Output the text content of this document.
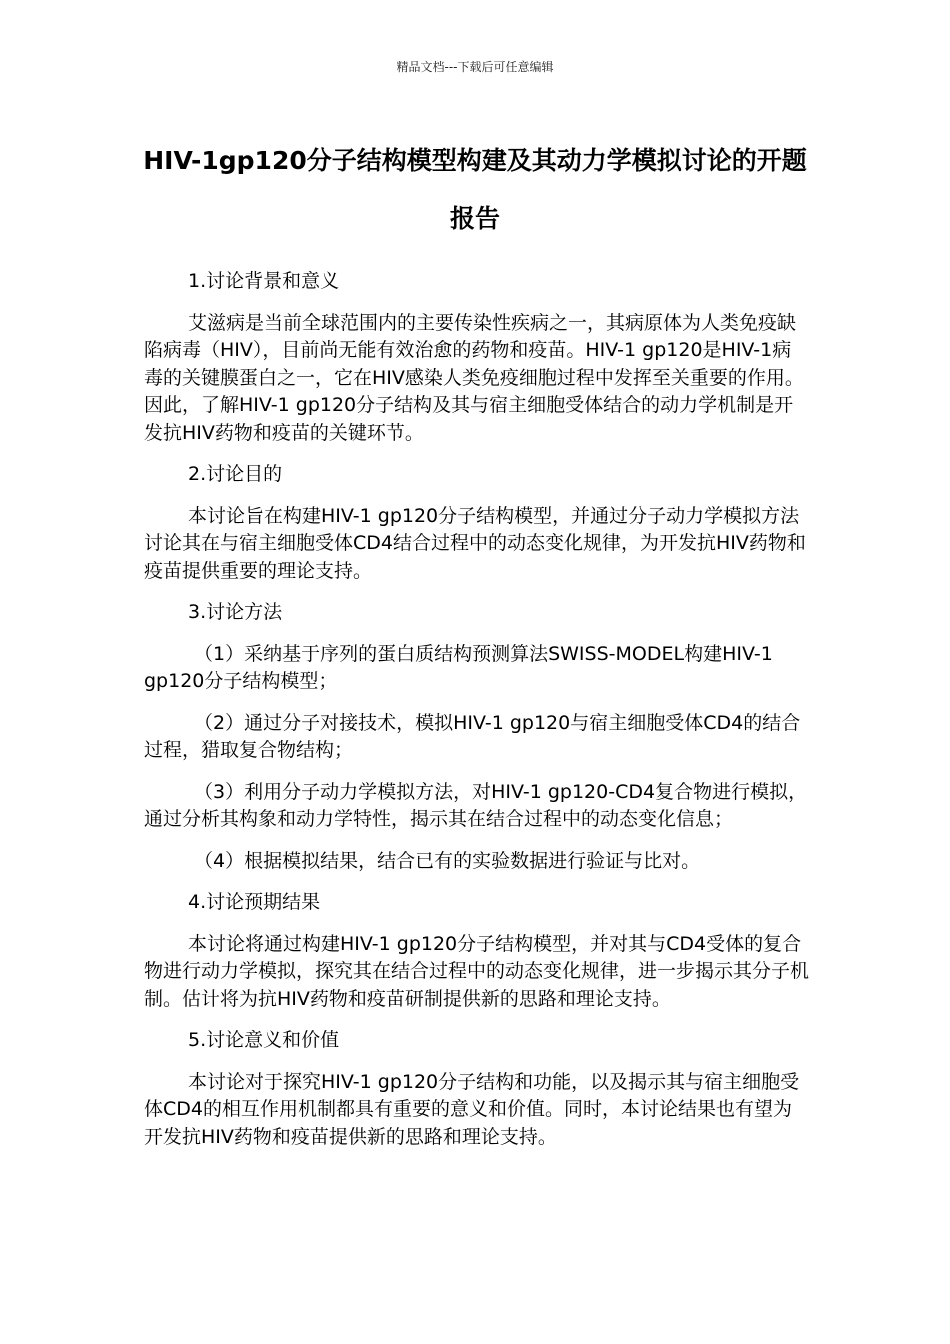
精品文档---下载后可任意编辑
HIV-1gp120分子结构模型构建及其动力学模拟讨论的开题报告

1.讨论背景和意义

艾滋病是当前全球范围内的主要传染性疾病之一，其病原体为人类免疫缺陷病毒（HIV），目前尚无能有效治愈的药物和疫苗。HIV-1 gp120是HIV-1病毒的关键膜蛋白之一，它在HIV感染人类免疫细胞过程中发挥至关重要的作用。因此，了解HIV-1 gp120分子结构及其与宿主细胞受体结合的动力学机制是开发抗HIV药物和疫苗的关键环节。

2.讨论目的

本讨论旨在构建HIV-1 gp120分子结构模型，并通过分子动力学模拟方法讨论其在与宿主细胞受体CD4结合过程中的动态变化规律，为开发抗HIV药物和疫苗提供重要的理论支持。

3.讨论方法

（1）采纳基于序列的蛋白质结构预测算法SWISS-MODEL构建HIV-1 gp120分子结构模型；

（2）通过分子对接技术，模拟HIV-1 gp120与宿主细胞受体CD4的结合过程，猎取复合物结构；

（3）利用分子动力学模拟方法，对HIV-1 gp120-CD4复合物进行模拟，通过分析其构象和动力学特性，揭示其在结合过程中的动态变化信息；

（4）根据模拟结果，结合已有的实验数据进行验证与比对。

4.讨论预期结果

本讨论将通过构建HIV-1 gp120分子结构模型，并对其与CD4受体的复合物进行动力学模拟，探究其在结合过程中的动态变化规律，进一步揭示其分子机制。估计将为抗HIV药物和疫苗研制提供新的思路和理论支持。

5.讨论意义和价值

本讨论对于探究HIV-1 gp120分子结构和功能，以及揭示其与宿主细胞受体CD4的相互作用机制都具有重要的意义和价值。同时，本讨论结果也有望为开发抗HIV药物和疫苗提供新的思路和理论支持。
